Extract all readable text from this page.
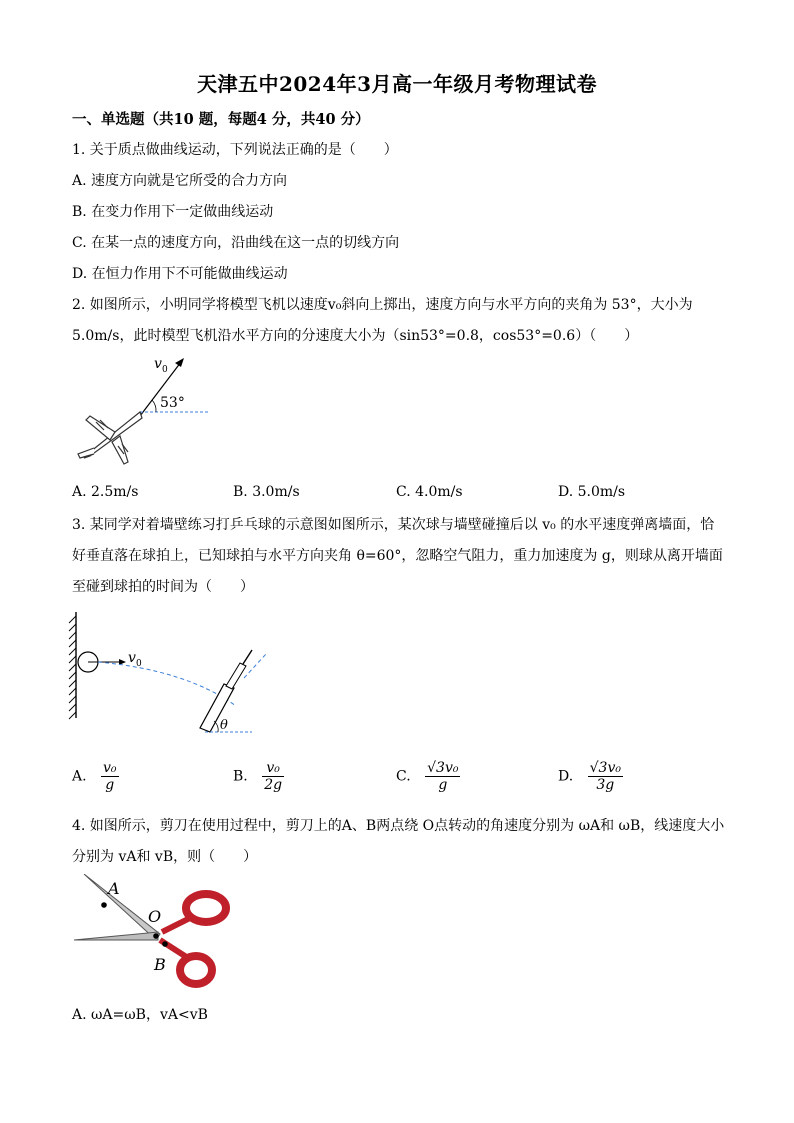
天津五中2024年3月高一年级月考物理试卷
一、单选题（共10 题，每题4 分，共40 分）
1. 关于质点做曲线运动，下列说法正确的是（　　）
A. 速度方向就是它所受的合力方向
B. 在变力作用下一定做曲线运动
C. 在某一点的速度方向，沿曲线在这一点的切线方向
D. 在恒力作用下不可能做曲线运动
2. 如图所示，小明同学将模型飞机以速度v₀斜向上掷出，速度方向与水平方向的夹角为 53°，大小为
5.0m/s，此时模型飞机沿水平方向的分速度大小为（sin53°=0.8，cos53°=0.6）（　　）
v 0
53°
A. 2.5m/s	B. 3.0m/s	C. 4.0m/s	D. 5.0m/s
3. 某同学对着墙壁练习打乒乓球的示意图如图所示，某次球与墙壁碰撞后以 v₀ 的水平速度弹离墙面，恰
好垂直落在球拍上，已知球拍与水平方向夹角 θ=60°，忽略空气阻力，重力加速度为 g，则球从离开墙面
至碰到球拍的时间为（　　）
v 0
θ
A. $\frac{\text{v₀}}{g}$	B. $\frac{\text{v₀}}{2g}$	C. $\frac{\text{√3v₀}}{g}$	D. $\frac{\text{√3v₀}}{3g}$
4. 如图所示，剪刀在使用过程中，剪刀上的A、B两点绕 O点转动的角速度分别为 ωA和 ωB，线速度大小
分别为 vA和 vB，则（　　）
A
O
B
A. ωA=ωB，vA<vB
